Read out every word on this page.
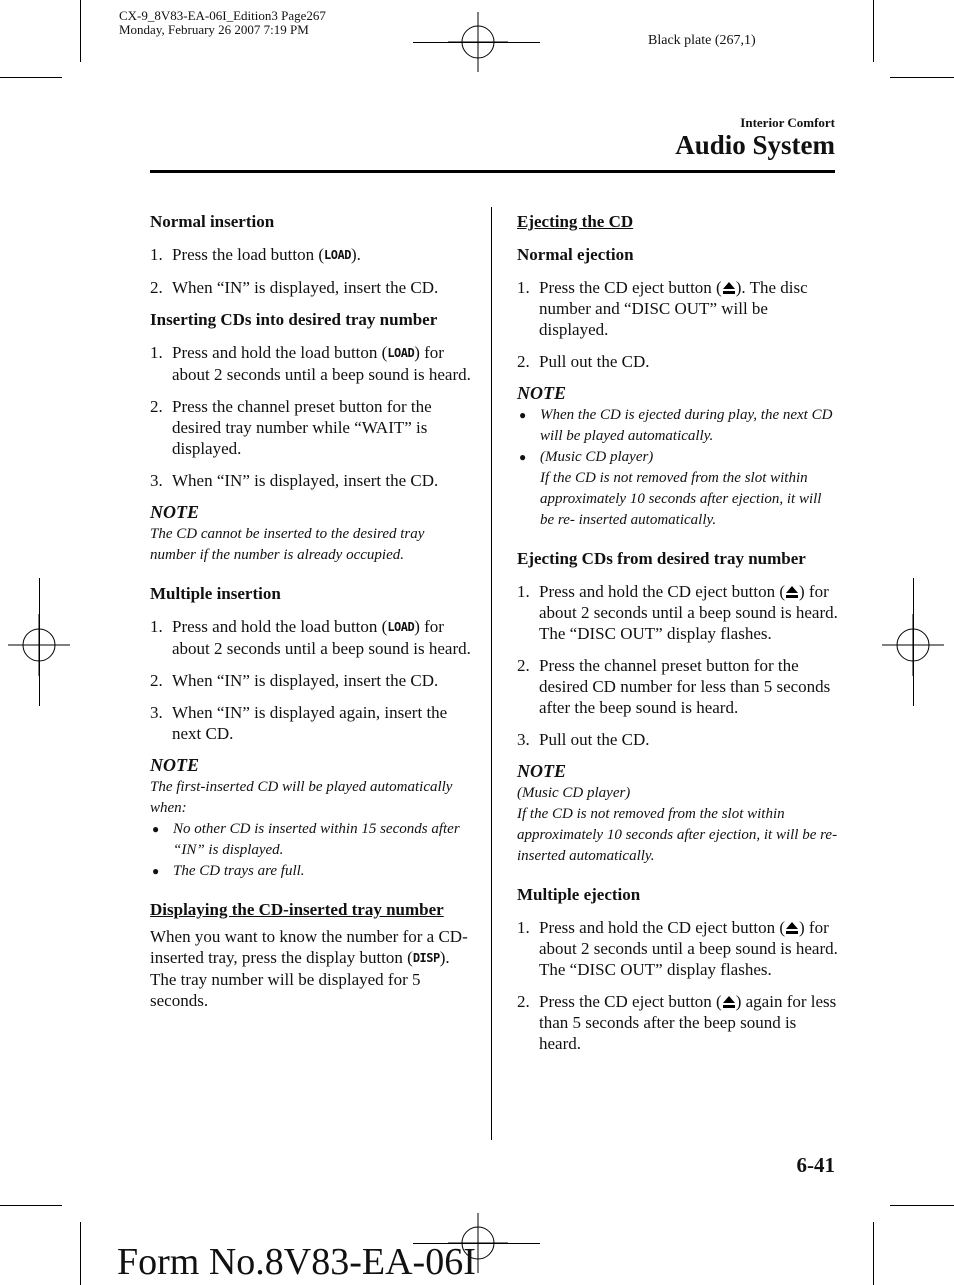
CX-9_8V83-EA-06I_Edition3 Page267
Monday, February 26 2007 7:19 PM
Black plate (267,1)
Interior Comfort
Audio System
Normal insertion
1. Press the load button (LOAD).
2. When “IN” is displayed, insert the CD.
Inserting CDs into desired tray number
1. Press and hold the load button (LOAD) for about 2 seconds until a beep sound is heard.
2. Press the channel preset button for the desired tray number while “WAIT” is displayed.
3. When “IN” is displayed, insert the CD.
NOTE
The CD cannot be inserted to the desired tray number if the number is already occupied.
Multiple insertion
1. Press and hold the load button (LOAD) for about 2 seconds until a beep sound is heard.
2. When “IN” is displayed, insert the CD.
3. When “IN” is displayed again, insert the next CD.
NOTE
The first-inserted CD will be played automatically when:
● No other CD is inserted within 15 seconds after “IN” is displayed.
● The CD trays are full.
Displaying the CD-inserted tray number
When you want to know the number for a CD-inserted tray, press the display button (DISP). The tray number will be displayed for 5 seconds.
Ejecting the CD
Normal ejection
1. Press the CD eject button ( ). The disc number and “DISC OUT” will be displayed.
2. Pull out the CD.
NOTE
● When the CD is ejected during play, the next CD will be played automatically.
● (Music CD player)
If the CD is not removed from the slot within approximately 10 seconds after ejection, it will be re- inserted automatically.
Ejecting CDs from desired tray number
1. Press and hold the CD eject button ( ) for about 2 seconds until a beep sound is heard.
The “DISC OUT” display flashes.
2. Press the channel preset button for the desired CD number for less than 5 seconds after the beep sound is heard.
3. Pull out the CD.
NOTE
(Music CD player)
If the CD is not removed from the slot within approximately 10 seconds after ejection, it will be re- inserted automatically.
Multiple ejection
1. Press and hold the CD eject button ( ) for about 2 seconds until a beep sound is heard.
The “DISC OUT” display flashes.
2. Press the CD eject button ( ) again for less than 5 seconds after the beep sound is heard.
6-41
Form No.8V83-EA-06I
